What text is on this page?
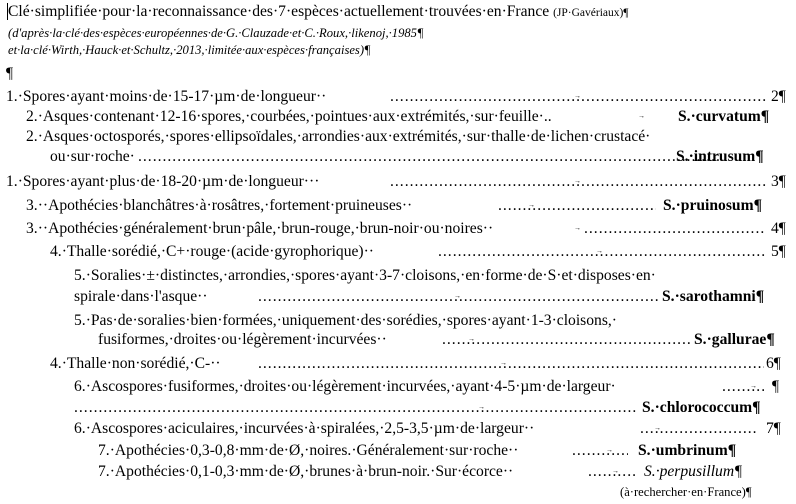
Clé·simplifiée·pour·la·reconnaissance·des·7·espèces·actuellement·trouvées·en·France (JP·Gavériaux)¶
(d'après·la·clé·des·espèces·européennes·de·G.·Clauzade·et·C.·Roux,·likenoj,·1985¶
et·la·clé·Wirth,·Hauck·et·Schultz,·2013,·limitée·aux·espèces·françaises)¶
¶
1.·Spores·ayant·moins·de·15-17·µm·de·longueur·· .....	→	2¶
2.·Asques·contenant·12-16·spores,·courbées,·pointues·aux·extrémités,·sur·feuille·..	→ S.·curvatum¶
2.·Asques·octosporés,·spores·ellipsoïdales,·arrondies·aux·extrémités,·sur·thalle·de·lichen·crustacé·
ou·sur·roche· .....	S.·intrusum¶
1.·Spores·ayant·plus·de·18-20·µm·de·longueur··· .....	→	3¶
3.··Apothécies·blanchâtres·à·rosâtres,·fortement·pruineuses·· .....	→	S.·pruinosum¶
3.··Apothécies·généralement·brun·pâle,·brun-rouge,·brun-noir·ou·noires·· .....	→	4¶
4.·Thalle·sorédié,·C+·rouge·(acide·gyrophorique)·· .....	→	5¶
5.·Soralies·±·distinctes,·arrondies,·spores·ayant·3-7·cloisons,·en·forme·de·S·et·disposes·en·
spirale·dans·l'asque·· .....	→	S.·sarothamni¶
5.·Pas·de·soralies·bien·formées,·uniquement·des·sorédies,·spores·ayant·1-3·cloisons,·
fusiformes,·droites·ou·légèrement·incurvées·· .....	→	S.·gallurae¶
4.·Thalle·non·sorédié,·C-·· .....	→	6¶
6.·Ascospores·fusiformes,·droites·ou·légèrement·incurvées,·ayant·4-5·µm·de·largeur· .....	→ ¶
.....
→	S.·chlorococcum¶
6.·Ascospores·aciculaires,·incurvées·à·spiralées,·2,5-3,5·µm·de·largeur·· .....	→	7¶
7.·Apothécies·0,3-0,8·mm·de·Ø,·noires.·Généralement·sur·roche·· .....	→ S.·umbrinum¶
7.·Apothécies·0,1-0,3·mm·de·Ø,·brunes·à·brun-noir.·Sur·écorce·· .....	→ S.·perpusillum¶
(à·rechercher·en·France)¶
